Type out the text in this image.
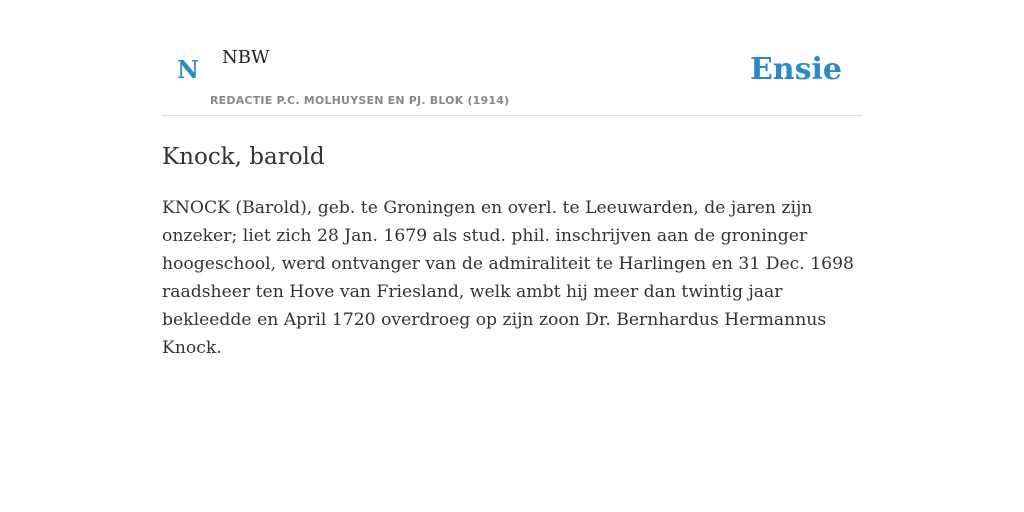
N NBW
REDACTIE P.C. MOLHUYSEN EN PJ. BLOK (1914)
Ensie
Knock, barold

KNOCK (Barold), geb. te Groningen en overl. te Leeuwarden, de jaren zijn onzeker; liet zich 28 Jan. 1679 als stud. phil. inschrijven aan de groninger hoogeschool, werd ontvanger van de admiraliteit te Harlingen en 31 Dec. 1698 raadsheer ten Hove van Friesland, welk ambt hij meer dan twintig jaar bekleedde en April 1720 overdroeg op zijn zoon Dr. Bernhardus Hermannus Knock.
